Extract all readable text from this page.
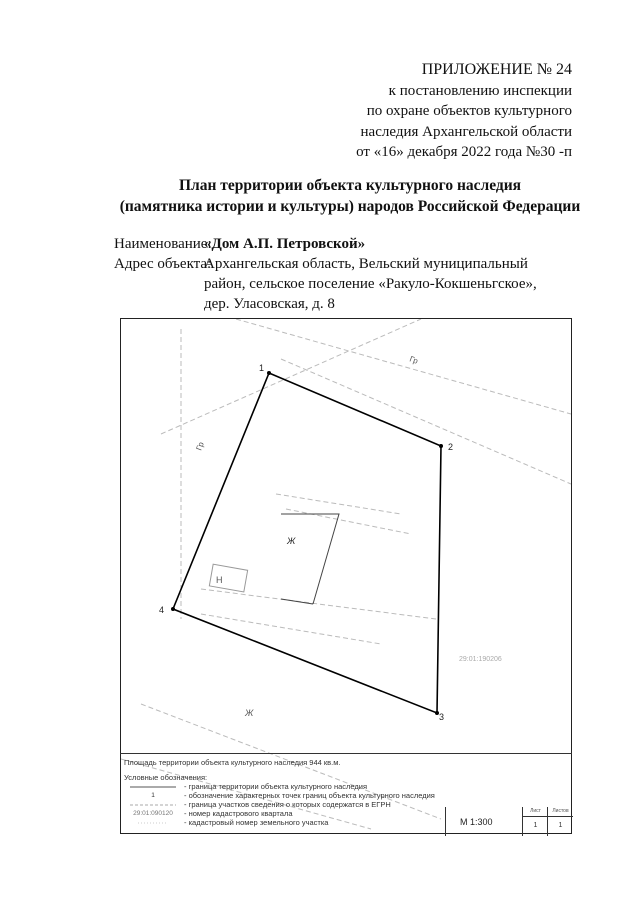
ПРИЛОЖЕНИЕ № 24
к постановлению инспекции
по охране объектов культурного
наследия Архангельской области
от «16» декабря 2022 года №30 -п
План территории объекта культурного наследия
(памятника истории и культуры) народов Российской Федерации
Наименование:
«Дом А.П. Петровской»
Адрес объекта:
Архангельская область, Вельский муниципальный
район, сельское поселение «Ракуло-Кокшеньгское»,
дер. Уласовская, д. 8
1
2
3
4
Гр
Гр
Ж
Ж
Н
29:01:190206
Площадь территории объекта культурного наследия 944 кв.м.
Условные обозначения:
- граница территории объекта культурного наследия
1	- обозначение характерных точек границ объекта культурного наследия
- граница участков сведения о которых содержатся в ЕГРН
29:01:090120	- номер кадастрового квартала
- кадастровый номер земельного участка	М 1:300
Лист
1
Листов
1
